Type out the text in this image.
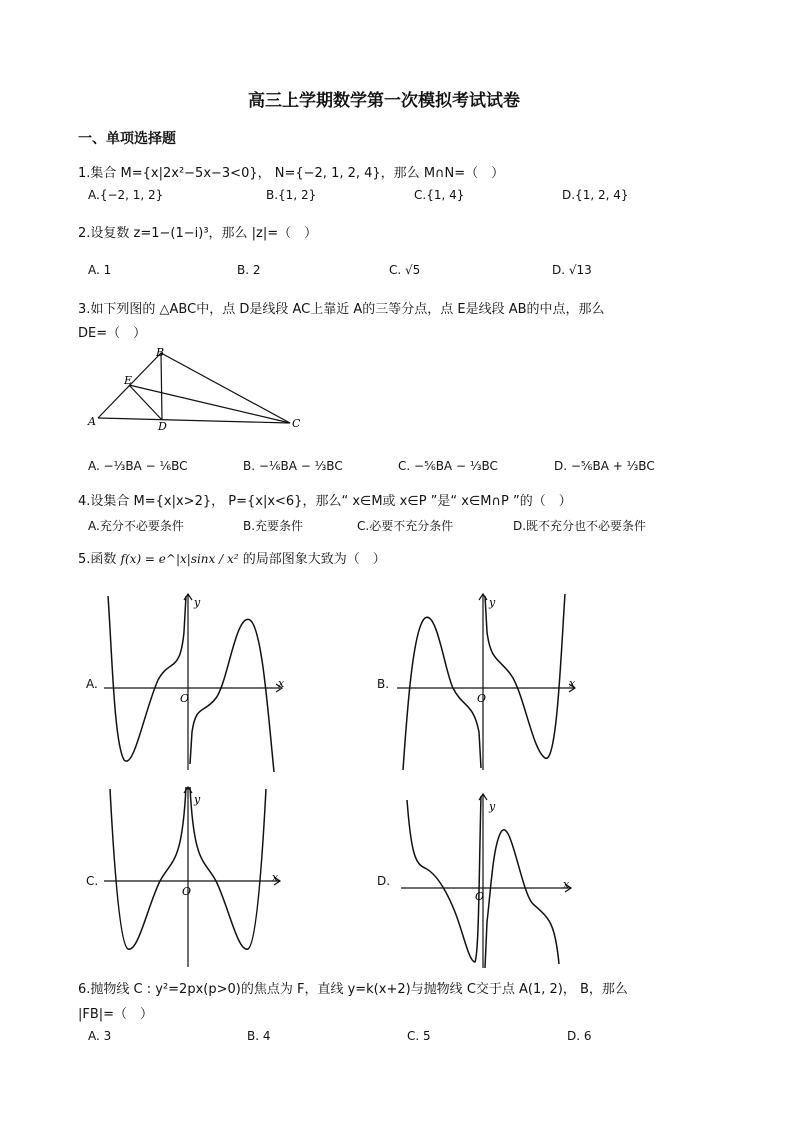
高三上学期数学第一次模拟考试试卷
一、单项选择题
1.集合 M={x|2x²−5x−3<0}， N={−2, 1, 2, 4}，那么 M∩N=（　）
A.{−2, 1, 2}	B.{1, 2}	C.{1, 4}	D.{1, 2, 4}
2.设复数 z=1−(1−i)³，那么 |z|=（　）
A. 1	B. 2	C. √5	D. √13
3.如下列图的 △ABC中，点 D是线段 AC上靠近 A的三等分点，点 E是线段 AB的中点，那么
DE=（　）
B
E
A	D	C
A. −⅓BA − ⅙BC	B. −⅙BA − ⅓BC	C. −⅚BA − ⅓BC	D. −⅚BA + ⅓BC
4.设集合 M={x|x>2}， P={x|x<6}，那么“ x∈M或 x∈P ”是“ x∈M∩P ”的（　）
A.充分不必要条件	B.充要条件	C.必要不充分条件	D.既不充分也不必要条件
5.函数 f(x) = e^|x|sinx / x² 的局部图象大致为（　）
A.	x
y
O
B.	x
y
O
C.	x
y
O
D.	x
y
O
6.抛物线 C : y²=2px(p>0)的焦点为 F，直线 y=k(x+2)与抛物线 C交于点 A(1, 2)， B，那么
|FB|=（　）
A. 3	B. 4	C. 5	D. 6
